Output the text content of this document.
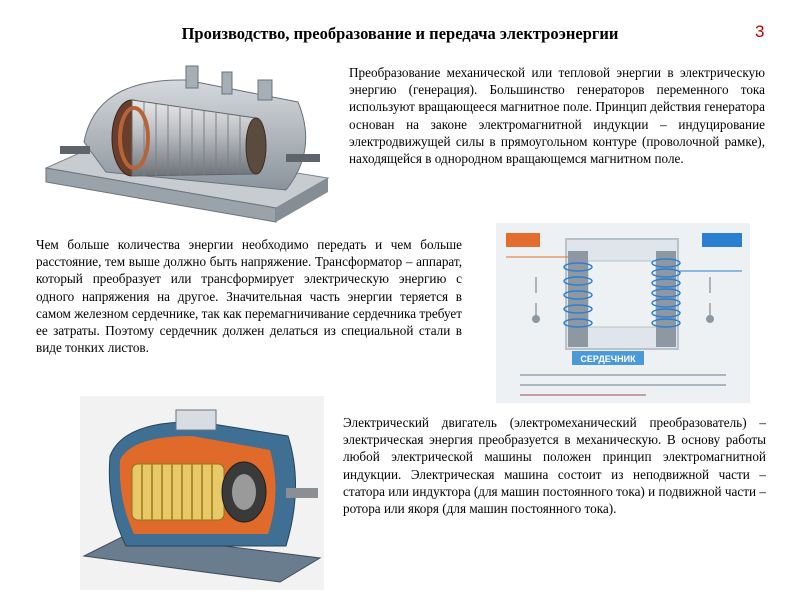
Производство, преобразование и передача электроэнергии	3
Преобразование механической или тепловой энергии в электрическую энергию (генерация). Большинство генераторов переменного тока используют вращающееся магнитное поле. Принцип действия генератора основан на законе электромагнитной индукции – индуцирование электродвижущей силы в прямоугольном контуре (проволочной рамке), находящейся в однородном вращающемся магнитном поле.
Чем больше количества энергии необходимо передать и чем больше расстояние, тем выше должно быть напряжение. Трансформатор – аппарат, который преобразует или трансформирует электрическую энергию с одного напряжения на другое. Значительная часть энергии теряется в самом железном сердечнике, так как перемагничивание сердечника требует ее затраты. Поэтому сердечник должен делаться из специальной стали в виде тонких листов.
СЕРДЕЧНИК
Электрический двигатель (электромеханический преобразователь) – электрическая энергия преобразуется в механическую. В основу работы любой электрической машины положен принцип электромагнитной индукции. Электрическая машина состоит из неподвижной части – статора или индуктора (для машин постоянного тока) и подвижной части – ротора или якоря (для машин постоянного тока).
